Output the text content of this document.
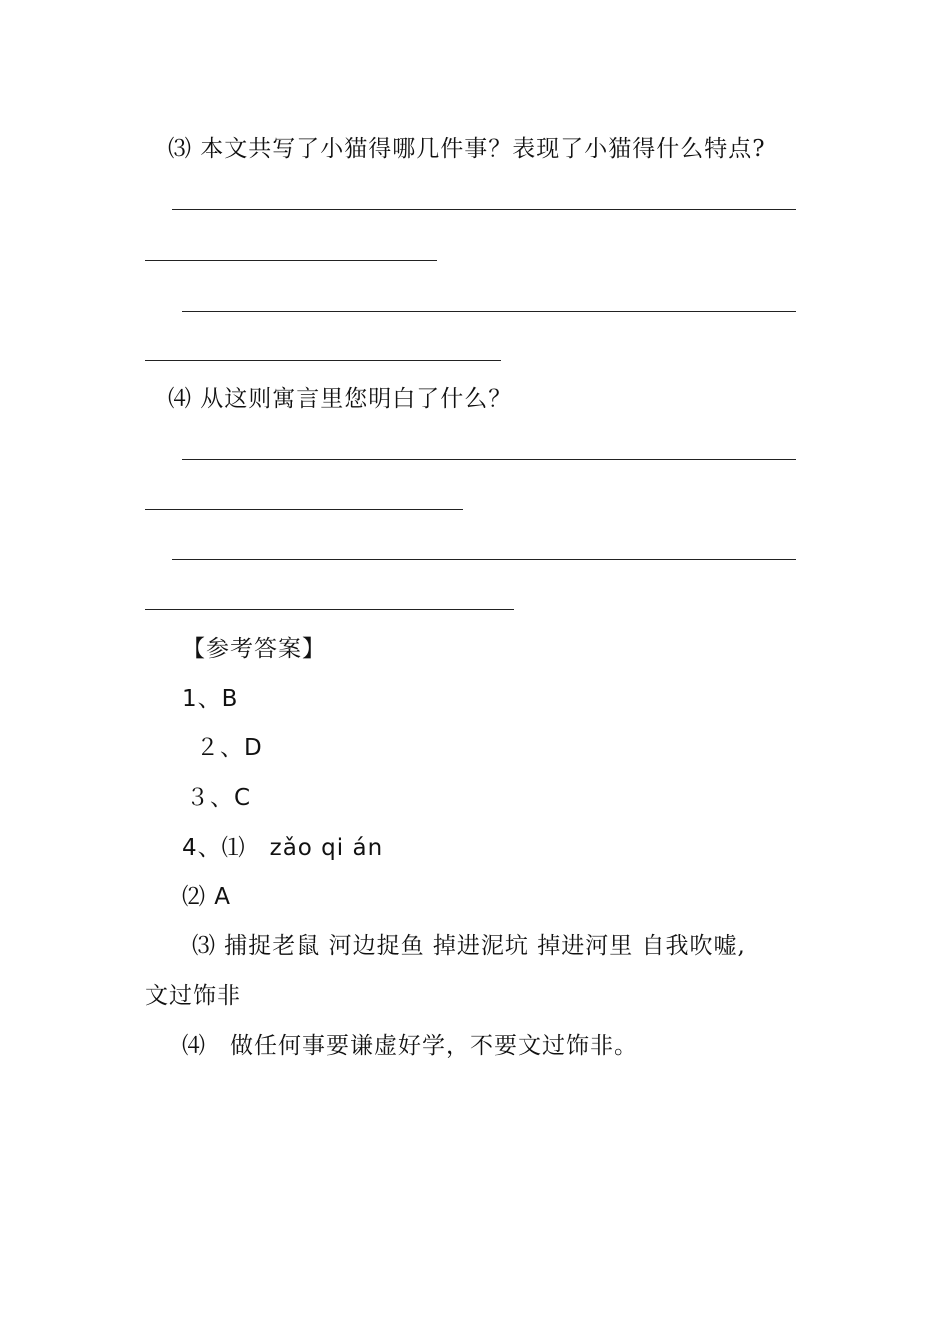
⑶ 本文共写了小猫得哪几件事？表现了小猫得什么特点?
⑷ 从这则寓言里您明白了什么？
【参考答案】
1、B
２、D
３、C
4、⑴　zǎo qi án
⑵ A
⑶ 捕捉老鼠 河边捉鱼 掉进泥坑 掉进河里 自我吹嘘,
文过饰非
⑷　做任何事要谦虚好学，不要文过饰非。
